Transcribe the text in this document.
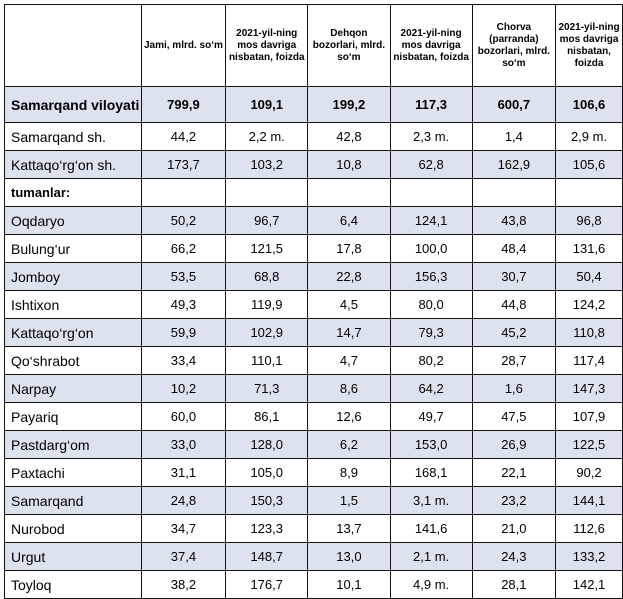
	Jami, mlrd. so‘m	2021-yil-ning mos davriga nisbatan, foizda	Dehqon bozorlari, mlrd. so‘m	2021-yil-ning mos davriga nisbatan, foizda	Chorva (parranda) bozorlari, mlrd. so‘m	2021-yil-ning mos davriga nisbatan, foizda
Samarqand viloyati	799,9	109,1	199,2	117,3	600,7	106,6
Samarqand sh.	44,2	2,2 m.	42,8	2,3 m.	1,4	2,9 m.
Kattaqo‘rg‘on sh.	173,7	103,2	10,8	62,8	162,9	105,6
tumanlar:						
Oqdaryo	50,2	96,7	6,4	124,1	43,8	96,8
Bulung‘ur	66,2	121,5	17,8	100,0	48,4	131,6
Jomboy	53,5	68,8	22,8	156,3	30,7	50,4
Ishtixon	49,3	119,9	4,5	80,0	44,8	124,2
Kattaqo‘rg‘on	59,9	102,9	14,7	79,3	45,2	110,8
Qo‘shrabot	33,4	110,1	4,7	80,2	28,7	117,4
Narpay	10,2	71,3	8,6	64,2	1,6	147,3
Payariq	60,0	86,1	12,6	49,7	47,5	107,9
Pastdarg‘om	33,0	128,0	6,2	153,0	26,9	122,5
Paxtachi	31,1	105,0	8,9	168,1	22,1	90,2
Samarqand	24,8	150,3	1,5	3,1 m.	23,2	144,1
Nurobod	34,7	123,3	13,7	141,6	21,0	112,6
Urgut	37,4	148,7	13,0	2,1 m.	24,3	133,2
Toyloq	38,2	176,7	10,1	4,9 m.	28,1	142,1
